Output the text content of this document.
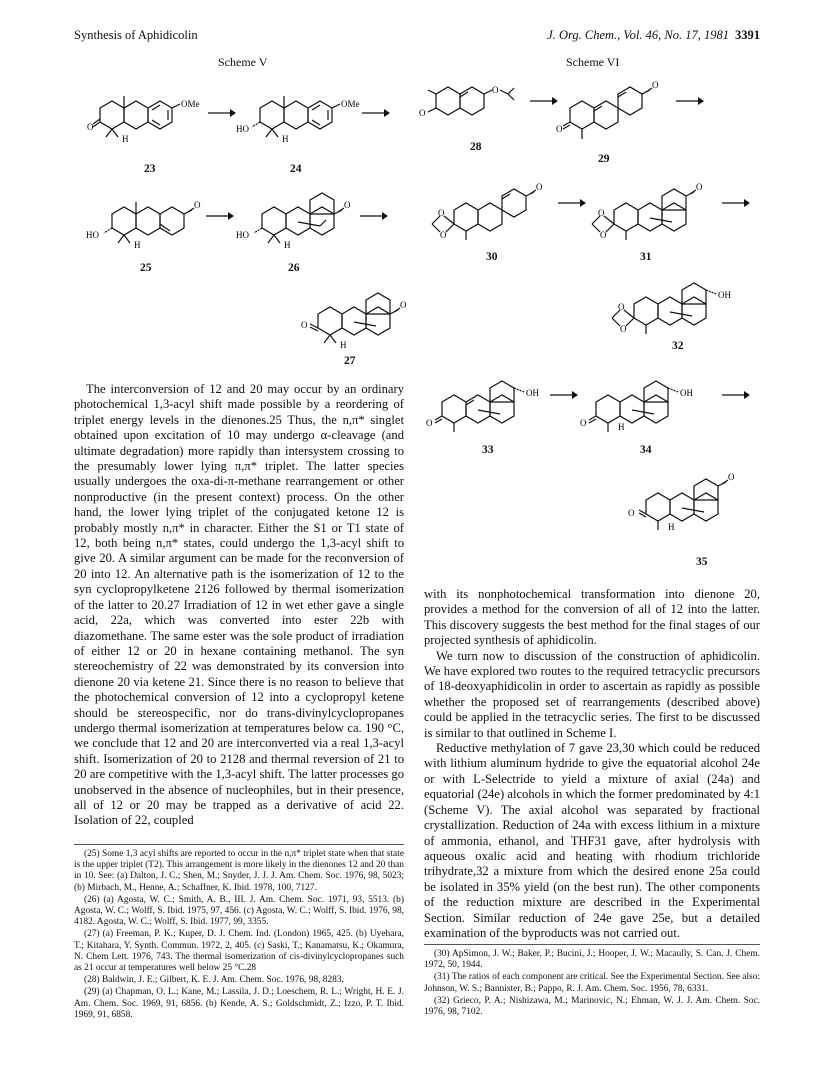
Synthesis of Aphidicolin	J. Org. Chem., Vol. 46, No. 17, 1981 3391
Scheme V
O
OMe
H
23
HO
OMe
H
24
HO
O
H
25
HO
O
H
26
O
O
H
27
Scheme VI
O
O
28
O
O
29
O
O
O
30
O
O
O
31
O
O
OH
32
O
OH
33
O	H
OH
34
O
O
H
35

The interconversion of 12 and 20 may occur by an ordinary photochemical 1,3-acyl shift made possible by a reordering of triplet energy levels in the dienones.25 Thus, the n,π* singlet obtained upon excitation of 10 may undergo α-cleavage (and ultimate degradation) more rapidly than intersystem crossing to the presumably lower lying π,π* triplet. The latter species usually undergoes the oxa-di-π-methane rearrangement or other nonproductive (in the present context) process. On the other hand, the lower lying triplet of the conjugated ketone 12 is probably mostly n,π* in character. Either the S1 or T1 state of 12, both being n,π* states, could undergo the 1,3-acyl shift to give 20. A similar argument can be made for the reconversion of 20 into 12. An alternative path is the isomerization of 12 to the syn cyclopropylketene 2126 followed by thermal isomerization of the latter to 20.27 Irradiation of 12 in wet ether gave a single acid, 22a, which was converted into ester 22b with diazomethane. The same ester was the sole product of irradiation of either 12 or 20 in hexane containing methanol. The syn stereochemistry of 22 was demonstrated by its conversion into dienone 20 via ketene 21. Since there is no reason to believe that the photochemical conversion of 12 into a cyclopropyl ketene should be stereospecific, nor do trans-divinylcyclopropanes undergo thermal isomerization at temperatures below ca. 190 °C, we conclude that 12 and 20 are interconverted via a real 1,3-acyl shift. Isomerization of 20 to 2128 and thermal reversion of 21 to 20 are competitive with the 1,3-acyl shift. The latter processes go unobserved in the absence of nucleophiles, but in their presence, all of 12 or 20 may be trapped as a derivative of acid 22. Isolation of 22, coupled

with its nonphotochemical transformation into dienone 20, provides a method for the conversion of all of 12 into the latter. This discovery suggests the best method for the final stages of our projected synthesis of aphidicolin.

We turn now to discussion of the construction of aphidicolin. We have explored two routes to the required tetracyclic precursors of 18-deoxyaphidicolin in order to ascertain as rapidly as possible whether the proposed set of rearrangements (described above) could be applied in the tetracyclic series. The first to be discussed is similar to that outlined in Scheme I.

Reductive methylation of 7 gave 23,30 which could be reduced with lithium aluminum hydride to give the equatorial alcohol 24e or with L-Selectride to yield a mixture of axial (24a) and equatorial (24e) alcohols in which the former predominated by 4:1 (Scheme V). The axial alcohol was separated by fractional crystallization. Reduction of 24a with excess lithium in a mixture of ammonia, ethanol, and THF31 gave, after hydrolysis with aqueous oxalic acid and heating with rhodium trichloride trihydrate,32 a mixture from which the desired enone 25a could be isolated in 35% yield (on the best run). The other components of the reduction mixture are described in the Experimental Section. Similar reduction of 24e gave 25e, but a detailed examination of the byproducts was not carried out.

(25) Some 1,3 acyl shifts are reported to occur in the n,π* triplet state when that state is the upper triplet (T2). This arrangement is more likely in the dienones 12 and 20 than in 10. See: (a) Dalton, J. C.; Shen, M.; Snyder, J. J. J. Am. Chem. Soc. 1976, 98, 5023; (b) Mirbach, M., Henne, A.; Schaffner, K. Ibid. 1978, 100, 7127.

(26) (a) Agosta, W. C.; Smith, A. B., III. J. Am. Chem. Soc. 1971, 93, 5513. (b) Agosta, W. C.; Wolff, S. Ibid. 1975, 97, 456. (c) Agosta, W. C.; Wolff, S. Ibid. 1976, 98, 4182. Agosta, W. C.; Wolff, S. Ibid. 1977, 99, 3355.

(27) (a) Freeman, P. K.; Kuper, D. J. Chem. Ind. (London) 1965, 425. (b) Uyehara, T.; Kitahara, Y. Synth. Commun. 1972, 2, 405. (c) Saski, T.; Kanamatsu, K.; Okamura, N. Chem Lett. 1976, 743. The thermal isomerization of cis-divinylcyclopropanes such as 21 occur at temperatures well below 25 °C.28

(28) Baldwin, J. E.; Gilbert, K. E. J. Am. Chem. Soc. 1976, 98, 8283.

(29) (a) Chapman, O. L.; Kane, M.; Lassila, J. D.; Loeschem, R. L.; Wright, H. E. J. Am. Chem. Soc. 1969, 91, 6856. (b) Kende, A. S.; Goldschmidt, Z.; Izzo, P. T. Ibid. 1969, 91, 6858.

(30) ApSimon, J. W.; Baker, P.; Bucini, J.; Hooper, J. W.; Macaully, S. Can. J. Chem. 1972, 50, 1944.

(31) The ratios of each component are critical. See the Experimental Section. See also: Johnson, W. S.; Bannister, B.; Pappo, R. J. Am. Chem. Soc. 1956, 78, 6331.

(32) Grieco, P. A.; Nishizawa, M.; Marinovic, N.; Ehman, W. J. J. Am. Chem. Soc. 1976, 98, 7102.
